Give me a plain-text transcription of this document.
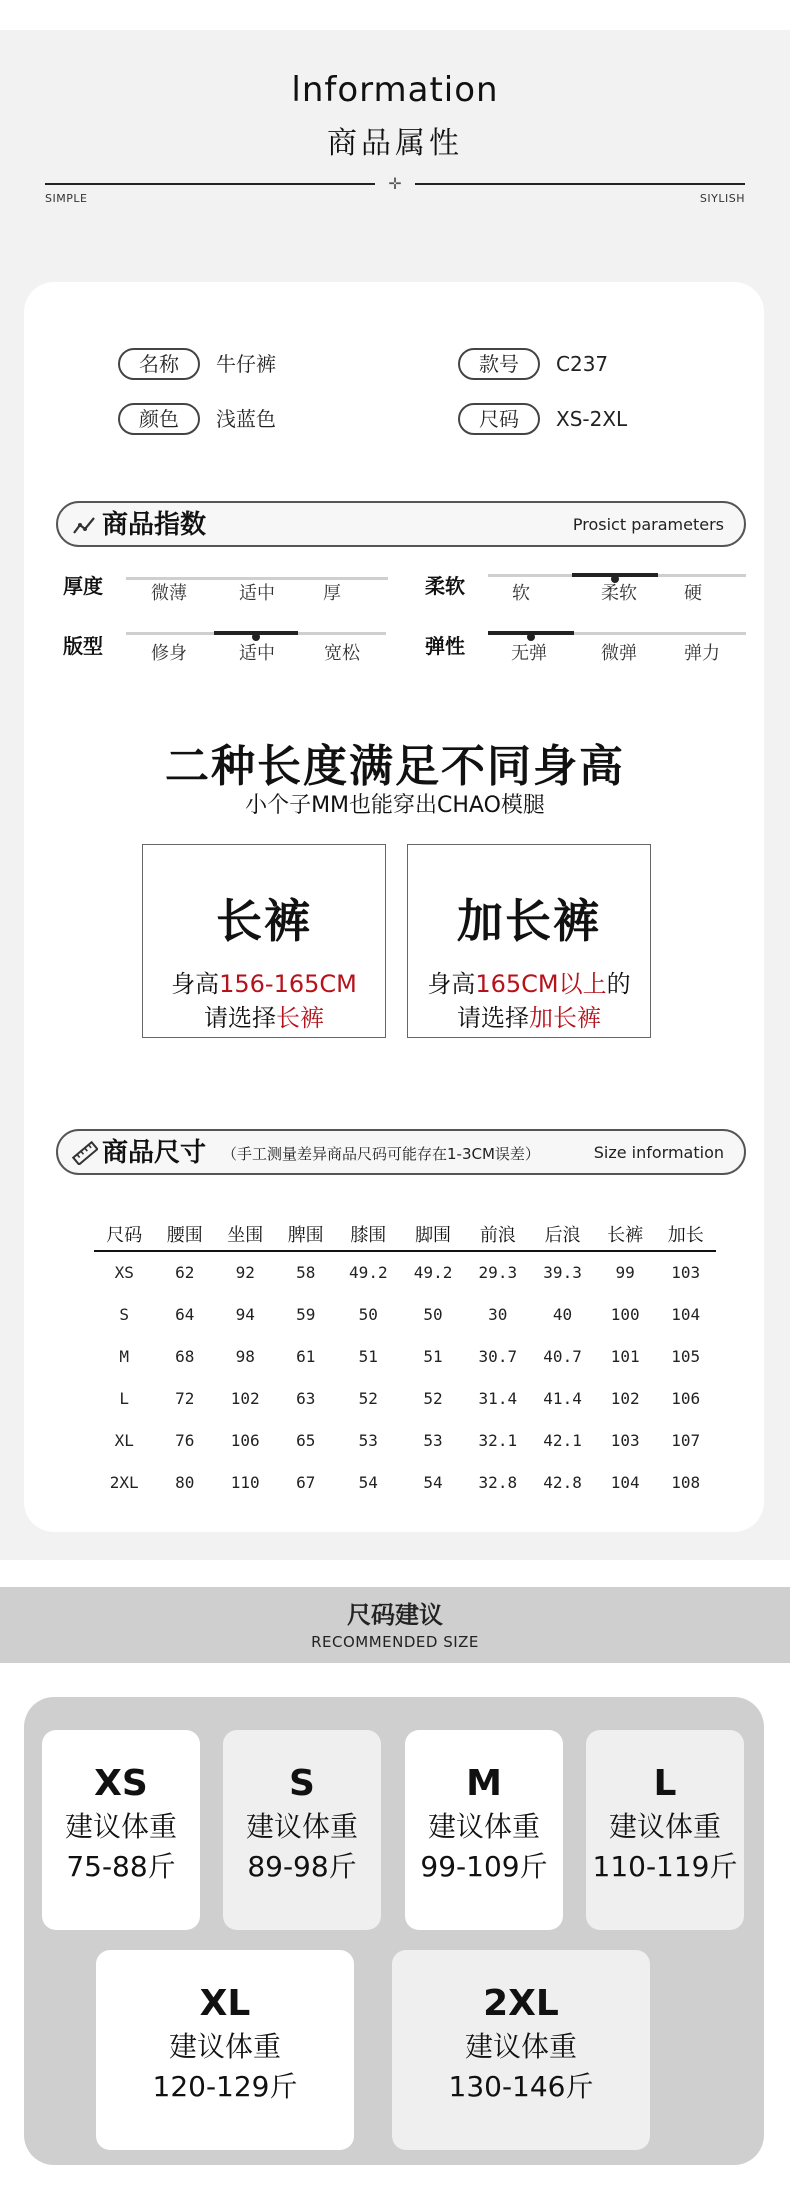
lnformation
商品属性
✛
SIMPLE	SIYLISH
名称	牛仔裤	款号	C237
颜色	浅蓝色	尺码	XS-2XL
商品指数	Prosict parameters
厚度	微薄	适中	厚	柔软	软	柔软	硬
版型	修身	适中	宽松	弹性	无弹	微弹	弹力
二种长度满足不同身高
小个子MM也能穿出CHAO模腿
长裤
身高156-165CM
请选择长裤
加长裤
身高165CM以上的
请选择加长裤
商品尺寸 （手工测量差异商品尺码可能存在1-3CM误差）	Size information
尺码	腰围	坐围	脾围	膝围	脚围	前浪	后浪	长裤	加长
XS	62	92	58	49.2	49.2	29.3	39.3	99	103
S	64	94	59	50	50	30	40	100	104
M	68	98	61	51	51	30.7	40.7	101	105
L	72	102	63	52	52	31.4	41.4	102	106
XL	76	106	65	53	53	32.1	42.1	103	107
2XL	80	110	67	54	54	32.8	42.8	104	108
尺码建议
RECOMMENDED SIZE
XS
建议体重
75-88斤
S
建议体重
89-98斤
M
建议体重
99-109斤
L
建议体重
110-119斤
XL
建议体重
120-129斤
2XL
建议体重
130-146斤
